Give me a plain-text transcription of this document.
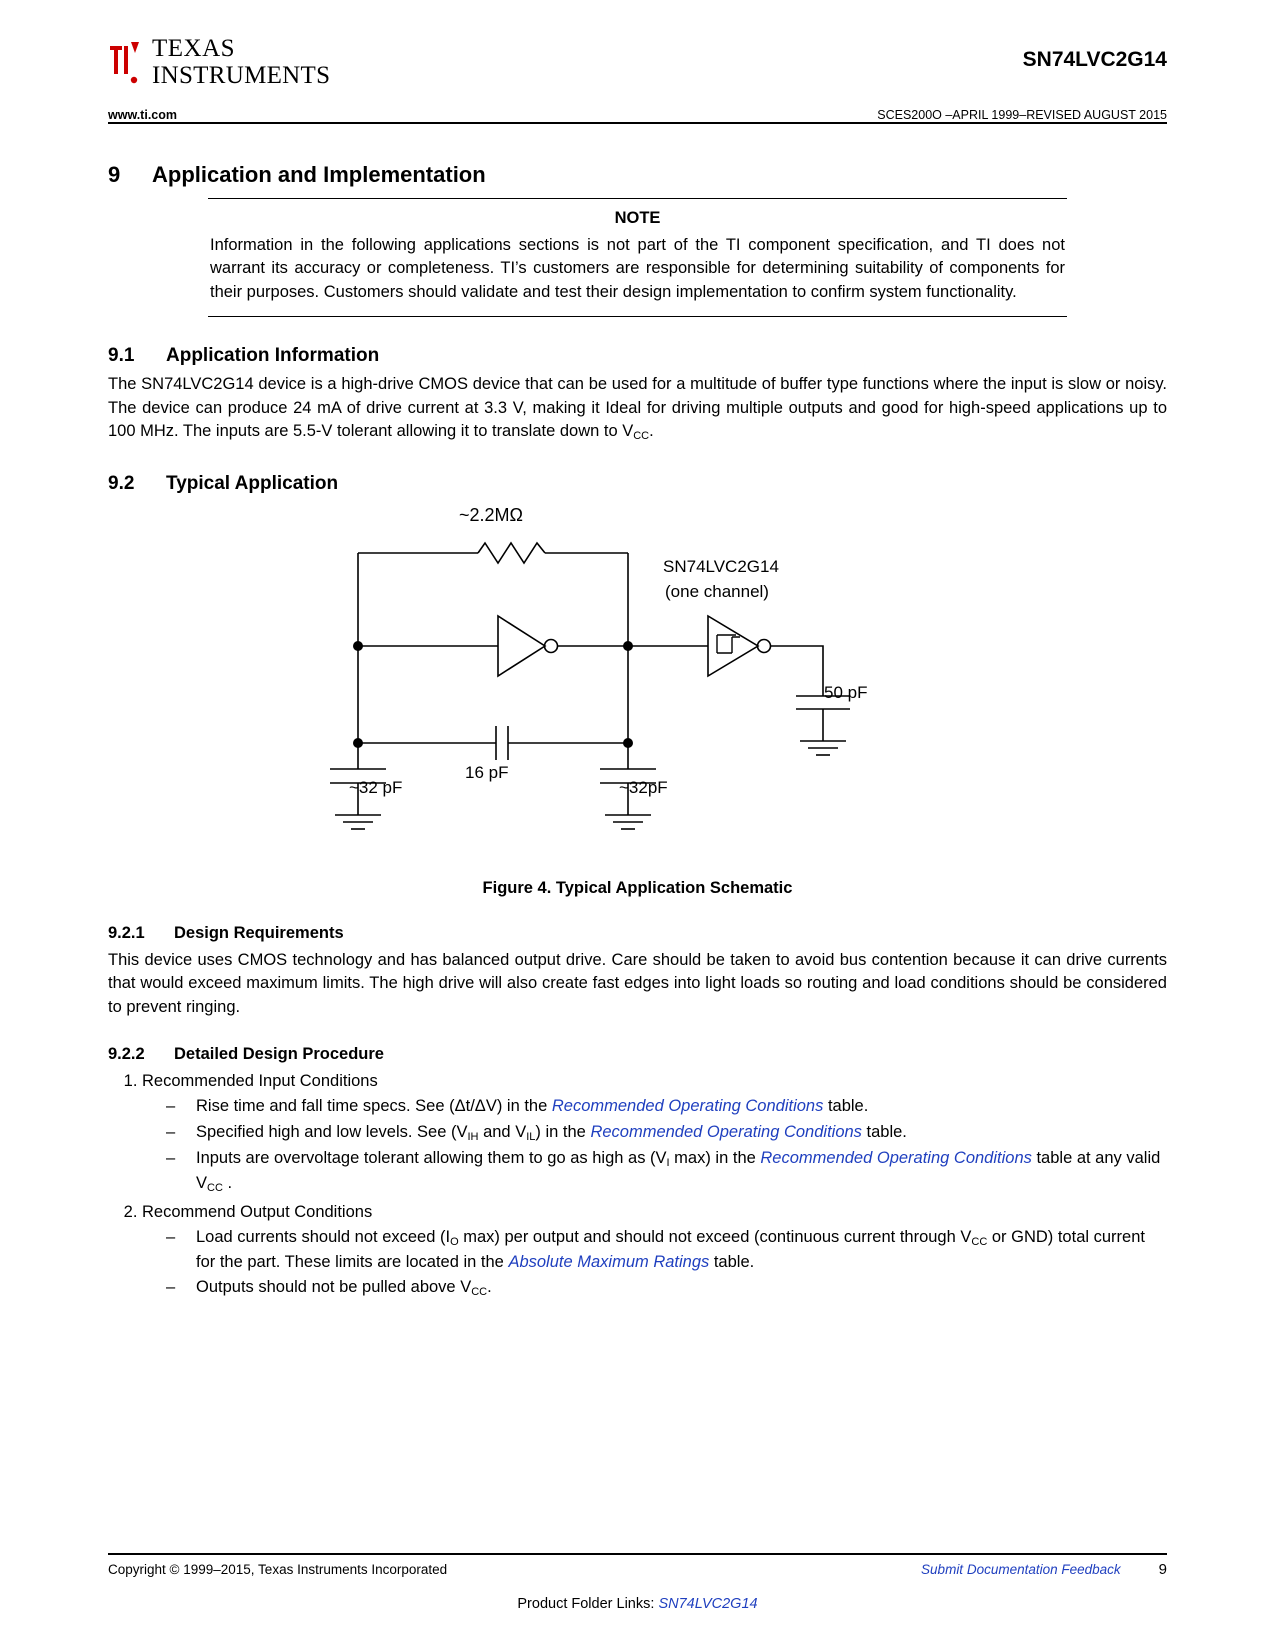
TEXAS
INSTRUMENTS
SN74LVC2G14
www.ti.com	SCES200O –APRIL 1999–REVISED AUGUST 2015
9	Application and Implementation
NOTE
Information in the following applications sections is not part of the TI component specification, and TI does not warrant its accuracy or completeness. TI’s customers are responsible for determining suitability of components for their purposes. Customers should validate and test their design implementation to confirm system functionality.
9.1	Application Information

The SN74LVC2G14 device is a high-drive CMOS device that can be used for a multitude of buffer type functions where the input is slow or noisy. The device can produce 24 mA of drive current at 3.3 V, making it Ideal for driving multiple outputs and good for high-speed applications up to 100 MHz. The inputs are 5.5-V tolerant allowing it to translate down to $V_{CC}$.

9.2	Typical Application
~2.2MΩ
SN74LVC2G14
(one channel)
50 pF
16 pF
~32 pF	~32pF
Figure 4. Typical Application Schematic
9.2.1	Design Requirements

This device uses CMOS technology and has balanced output drive. Care should be taken to avoid bus contention because it can drive currents that would exceed maximum limits. The high drive will also create fast edges into light loads so routing and load conditions should be considered to prevent ringing.

9.2.2	Detailed Design Procedure
1. Recommended Input Conditions
– Rise time and fall time specs. See (Δt/ΔV) in the Recommended Operating Conditions table.
– Specified high and low levels. See ($V_{IH}$ and $V_{IL}$) in the Recommended Operating Conditions table.
– Inputs are overvoltage tolerant allowing them to go as high as ($V_I$ max) in the Recommended Operating Conditions table at any valid $V_{CC}$ .
2. Recommend Output Conditions
– Load currents should not exceed ($I_O$ max) per output and should not exceed (continuous current through $V_{CC}$ or GND) total current for the part. These limits are located in the Absolute Maximum Ratings table.
– Outputs should not be pulled above $V_{CC}$.
Copyright © 1999–2015, Texas Instruments Incorporated	Submit Documentation Feedback	9
Product Folder Links: SN74LVC2G14
